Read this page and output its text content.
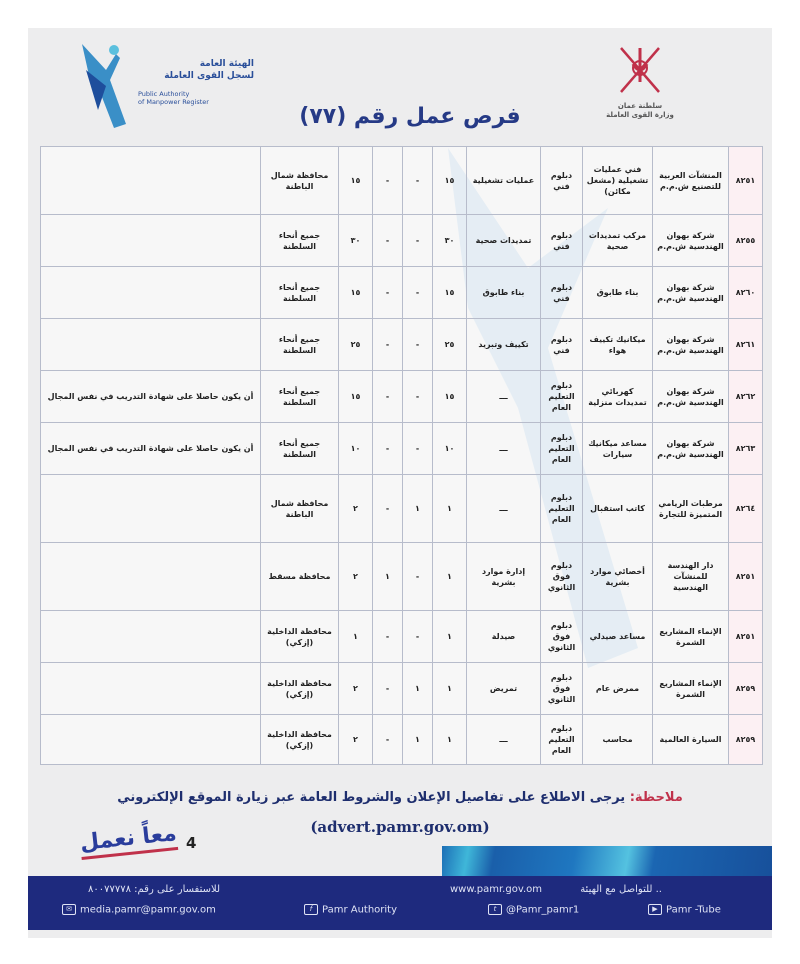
الهيئة العامة
لسجل القوى العاملة
Public Authority
of Manpower Register
فرص عمل رقم (٧٧)	سلطنة عمان
وزارة القوى العاملة
٨٢٥١	المنشآت العربية للتصنيع ش.م.م	فني عمليات تشغيلية (مشغل مكائن)	دبلوم فني	عمليات تشغيلية	١٥	-	-	١٥	محافظة شمال الباطنة	
٨٢٥٥	شركة بهوان الهندسية ش.م.م	مركب تمديدات صحية	دبلوم فني	تمديدات صحية	٣٠	-	-	٣٠	جميع أنحاء السلطنة	
٨٢٦٠	شركة بهوان الهندسية ش.م.م	بناء طابوق	دبلوم فني	بناء طابوق	١٥	-	-	١٥	جميع أنحاء السلطنة	
٨٢٦١	شركة بهوان الهندسية ش.م.م	ميكانيك تكييف هواء	دبلوم فني	تكييف وتبريد	٢٥	-	-	٢٥	جميع أنحاء السلطنة	
٨٢٦٢	شركة بهوان الهندسية ش.م.م	كهربائي تمديدات منزلية	دبلوم التعليم العام	ـــ	١٥	-	-	١٥	جميع أنحاء السلطنة	أن يكون حاصلا على شهادة التدريب في نفس المجال
٨٢٦٣	شركة بهوان الهندسية ش.م.م	مساعد ميكانيك سيارات	دبلوم التعليم العام	ـــ	١٠	-	-	١٠	جميع أنحاء السلطنة	أن يكون حاصلا على شهادة التدريب في نفس المجال
٨٢٦٤	مرطبات الريامي المتميزة للتجارة	كاتب استقبال	دبلوم التعليم العام	ـــ	١	١	-	٢	محافظة شمال الباطنة	
٨٢٥١	دار الهندسة للمنشآت الهندسية	أخصائي موارد بشرية	دبلوم فوق الثانوي	إدارة موارد بشرية	١	-	١	٢	محافظة مسقط	
٨٢٥١	الإنماء المشاريع الشمرة	مساعد صيدلي	دبلوم فوق الثانوي	صيدلة	١	-	-	١	محافظة الداخلية (إزكي)	
٨٢٥٩	الإنماء المشاريع الشمرة	ممرض عام	دبلوم فوق الثانوي	تمريض	١	١	-	٢	محافظة الداخلية (إزكي)	
٨٢٥٩	السيارة العالمية	محاسب	دبلوم التعليم العام	ـــ	١	١	-	٢	محافظة الداخلية (إزكي)	
ملاحظة: يرجى الاطلاع على تفاصيل الإعلان والشروط العامة عبر زيارة الموقع الإلكتروني
(advert.pamr.gov.om)
معاً نعمل 4
للتواصل مع الهيئة ..
www.pamr.gov.om
للاستفسار على رقم: ٨٠٠٧٧٧٧٨
✉ media.pamr@pamr.gov.om	f Pamr Authority	t @Pamr_pamr1	▶ Pamr -Tube
